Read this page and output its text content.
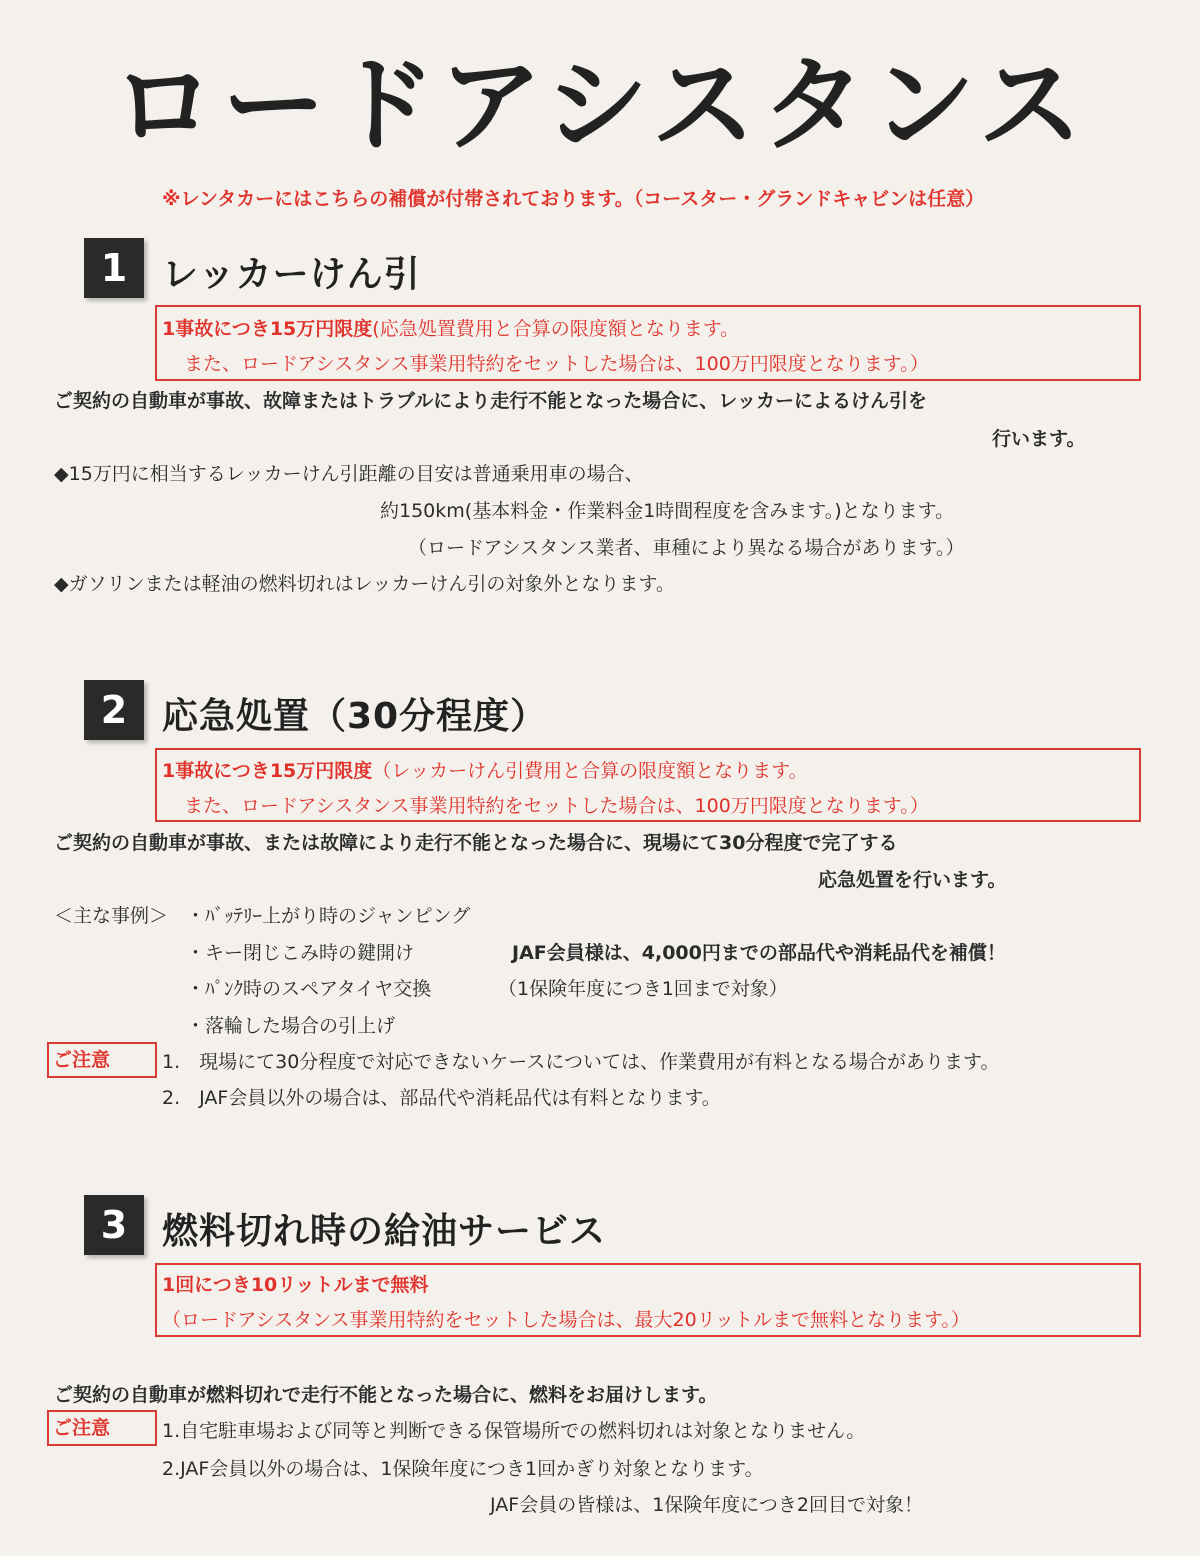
ロードアシスタンス
※レンタカーにはこちらの補償が付帯されております。（コースター・グランドキャビンは任意）
1 レッカーけん引
1事故につき15万円限度(応急処置費用と合算の限度額となります。
また、ロードアシスタンス事業用特約をセットした場合は、100万円限度となります。）
ご契約の自動車が事故、故障またはトラブルにより走行不能となった場合に、レッカーによるけん引を
行います。
◆15万円に相当するレッカーけん引距離の目安は普通乗用車の場合、
約150km(基本料金・作業料金1時間程度を含みます。)となります。
（ロードアシスタンス業者、車種により異なる場合があります。）
◆ガソリンまたは軽油の燃料切れはレッカーけん引の対象外となります。
2 応急処置（30分程度）
1事故につき15万円限度（レッカーけん引費用と合算の限度額となります。
また、ロードアシスタンス事業用特約をセットした場合は、100万円限度となります。）
ご契約の自動車が事故、または故障により走行不能となった場合に、現場にて30分程度で完了する
応急処置を行います。
＜主な事例＞ ・ﾊﾞｯﾃﾘｰ上がり時のジャンピング
・キー閉じこみ時の鍵開け
・ﾊﾟﾝｸ時のスペアタイヤ交換
・落輪した場合の引上げ
JAF会員様は、4,000円までの部品代や消耗品代を補償！
（1保険年度につき1回まで対象）
ご注意	1.　現場にて30分程度で対応できないケースについては、作業費用が有料となる場合があります。
2.　JAF会員以外の場合は、部品代や消耗品代は有料となります。
3 燃料切れ時の給油サービス
1回につき10リットルまで無料
（ロードアシスタンス事業用特約をセットした場合は、最大20リットルまで無料となります。）
ご契約の自動車が燃料切れで走行不能となった場合に、燃料をお届けします。
ご注意	1.自宅駐車場および同等と判断できる保管場所での燃料切れは対象となりません。
2.JAF会員以外の場合は、1保険年度につき1回かぎり対象となります。
JAF会員の皆様は、1保険年度につき2回目で対象！
